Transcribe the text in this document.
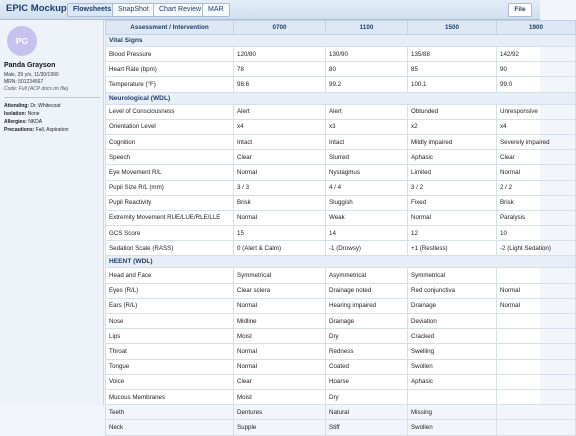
EPIC Mockup Flowsheets SnapShot	Chart Review MAR	File
PG
Panda Grayson
Male, 29 y/o, 11/30/1990
MRN: 501234567
Code: Full (ACP docs on file)
Attending: Dr. Whitecoat
Isolation: None
Allergies: NKDA
Precautions: Fall, Aspiration
Assessment / Intervention	0700	1100	1500	1900
Vital Signs				
Blood Pressure	120/80	130/90	135/88	142/92
Heart Rate (bpm)	78	80	85	90
Temperature (°F)	98.6	99.2	100.1	99.0
Neurological (WDL)				
Level of Consciousness	Alert	Alert	Obtunded	Unresponsive
Orientation Level	x4	x3	x2	x4
Cognition	Intact	Intact	Mildly impaired	Severely impaired
Speech	Clear	Slurred	Aphasic	Clear
Eye Movement R/L	Normal	Nystagmus	Limited	Normal
Pupil Size R/L (mm)	3 / 3	4 / 4	3 / 2	2 / 2
Pupil Reactivity	Brisk	Sluggish	Fixed	Brisk
Extremity Movement RUE/LUE/RLE/LLE	Normal	Weak	Normal	Paralysis
GCS Score	15	14	12	10
Sedation Scale (RASS)	0 (Alert & Calm)	-1 (Drowsy)	+1 (Restless)	-2 (Light Sedation)
HEENT (WDL)				
Head and Face	Symmetrical	Asymmetrical	Symmetrical	
Eyes (R/L)	Clear sclera	Drainage noted	Red conjunctiva	Normal
Ears (R/L)	Normal	Hearing impaired	Drainage	Normal
Nose	Midline	Drainage	Deviation	
Lips	Moist	Dry	Cracked	
Throat	Normal	Redness	Swelling	
Tongue	Normal	Coated	Swollen	
Voice	Clear	Hoarse	Aphasic	
Mucous Membranes	Moist	Dry		
Teeth	Dentures	Natural	Missing	
Neck	Supple	Stiff	Swollen	
